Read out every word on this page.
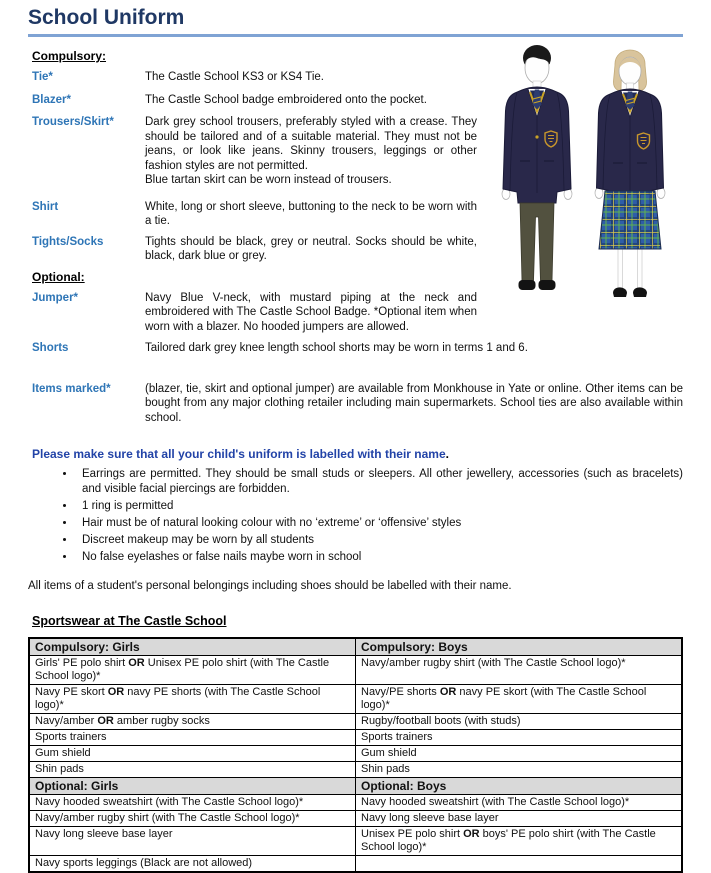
School Uniform
Compulsory:
Tie*	The Castle School KS3 or KS4 Tie.
Blazer*	The Castle School badge embroidered onto the pocket.
Trousers/Skirt*	Dark grey school trousers, preferably styled with a crease. They should be tailored and of a suitable material. They must not be jeans, or look like jeans. Skinny trousers, leggings or other fashion styles are not permitted.
Blue tartan skirt can be worn instead of trousers.
Shirt	White, long or short sleeve, buttoning to the neck to be worn with a tie.
Tights/Socks	Tights should be black, grey or neutral. Socks should be white, black, dark blue or grey.
Optional:
Jumper*	Navy Blue V-neck, with mustard piping at the neck and embroidered with The Castle School Badge. *Optional item when worn with a blazer. No hooded jumpers are allowed.
Shorts	Tailored dark grey knee length school shorts may be worn in terms 1 and 6.
Items marked*	(blazer, tie, skirt and optional jumper) are available from Monkhouse in Yate or online. Other items can be bought from any major clothing retailer including main supermarkets. School ties are also available within school.

Please make sure that all your child's uniform is labelled with their name.

• Earrings are permitted. They should be small studs or sleepers. All other jewellery, accessories (such as bracelets) and visible facial piercings are forbidden.
• 1 ring is permitted
• Hair must be of natural looking colour with no ‘extreme’ or ‘offensive’ styles
• Discreet makeup may be worn by all students
• No false eyelashes or false nails maybe worn in school

All items of a student's personal belongings including shoes should be labelled with their name.

Sportswear at The Castle School
Compulsory: Girls	Compulsory: Boys
Girls' PE polo shirt OR Unisex PE polo shirt (with The Castle School logo)*	Navy/amber rugby shirt (with The Castle School logo)*
Navy PE skort OR navy PE shorts (with The Castle School logo)*	Navy/PE shorts OR navy PE skort (with The Castle School logo)*
Navy/amber OR amber rugby socks	Rugby/football boots (with studs)
Sports trainers	Sports trainers
Gum shield	Gum shield
Shin pads	Shin pads
Optional: Girls	Optional: Boys
Navy hooded sweatshirt (with The Castle School logo)*	Navy hooded sweatshirt (with The Castle School logo)*
Navy/amber rugby shirt (with The Castle School logo)*	Navy long sleeve base layer
Navy long sleeve base layer	Unisex PE polo shirt OR boys' PE polo shirt (with The Castle School logo)*
Navy sports leggings (Black are not allowed)	
